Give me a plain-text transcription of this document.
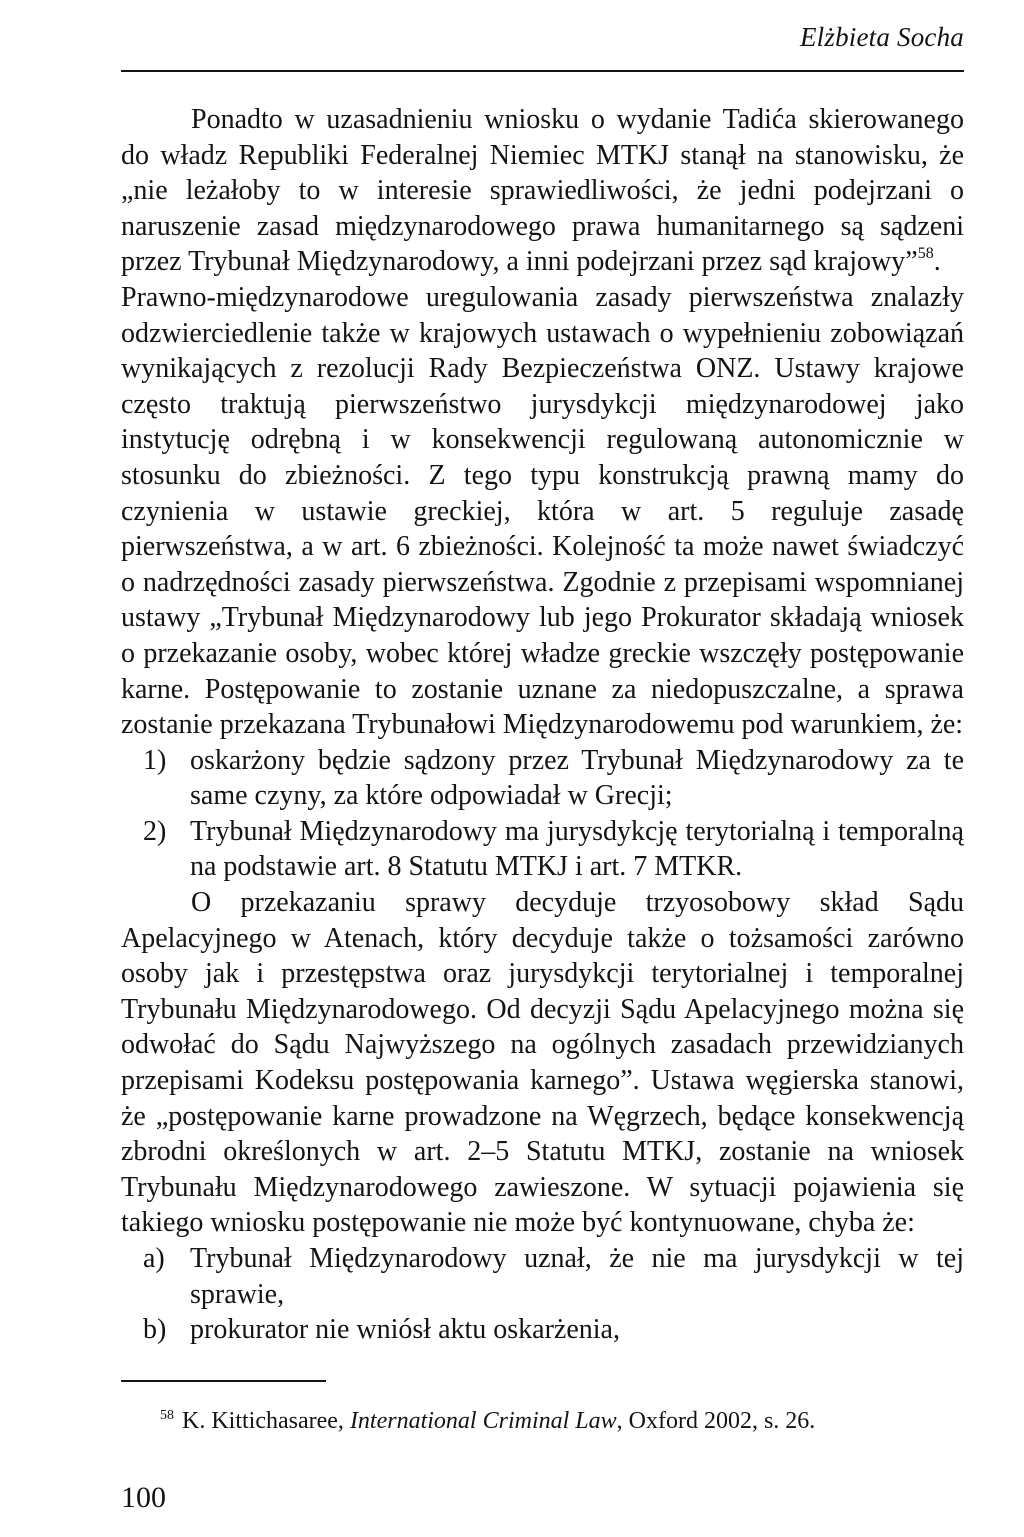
Elżbieta Socha

Ponadto w uzasadnieniu wniosku o wydanie Tadića skierowanego do władz Republiki Federalnej Niemiec MTKJ stanął na stanowisku, że „nie leżałoby to w interesie sprawiedliwości, że jedni podejrzani o naruszenie zasad międzynarodowego prawa humanitarnego są sądzeni przez Trybunał Międzynarodowy, a inni podejrzani przez sąd krajowy”$^{58}$.

Prawno-międzynarodowe uregulowania zasady pierwszeństwa znalazły odzwierciedlenie także w krajowych ustawach o wypełnieniu zobowiązań wynikających z rezolucji Rady Bezpieczeństwa ONZ. Ustawy krajowe często traktują pierwszeństwo jurysdykcji międzynarodowej jako instytucję odrębną i w konsekwencji regulowaną autonomicznie w stosunku do zbieżności. Z tego typu konstrukcją prawną mamy do czynienia w ustawie greckiej, która w art. 5 reguluje zasadę pierwszeństwa, a w art. 6 zbieżności. Kolejność ta może nawet świadczyć o nadrzędności zasady pierwszeństwa. Zgodnie z przepisami wspomnianej ustawy „Trybunał Międzynarodowy lub jego Prokurator składają wniosek o przekazanie osoby, wobec której władze greckie wszczęły postępowanie karne. Postępowanie to zostanie uznane za niedopuszczalne, a sprawa zostanie przekazana Trybunałowi Międzynarodowemu pod warunkiem, że:

1) oskarżony będzie sądzony przez Trybunał Międzynarodowy za te same czyny, za które odpowiadał w Grecji;
2) Trybunał Międzynarodowy ma jurysdykcję terytorialną i temporalną na podstawie art. 8 Statutu MTKJ i art. 7 MTKR.

O przekazaniu sprawy decyduje trzyosobowy skład Sądu Apelacyjnego w Atenach, który decyduje także o tożsamości zarówno osoby jak i przestępstwa oraz jurysdykcji terytorialnej i temporalnej Trybunału Międzynarodowego. Od decyzji Sądu Apelacyjnego można się odwołać do Sądu Najwyższego na ogólnych zasadach przewidzianych przepisami Kodeksu postępowania karnego”. Ustawa węgierska stanowi, że „postępowanie karne prowadzone na Węgrzech, będące konsekwencją zbrodni określonych w art. 2–5 Statutu MTKJ, zostanie na wniosek Trybunału Międzynarodowego zawieszone. W sytuacji pojawienia się takiego wniosku postępowanie nie może być kontynuowane, chyba że:

a) Trybunał Międzynarodowy uznał, że nie ma jurysdykcji w tej sprawie,
b) prokurator nie wniósł aktu oskarżenia,
$^{58}$ K. Kittichasaree, International Criminal Law, Oxford 2002, s. 26.
100
